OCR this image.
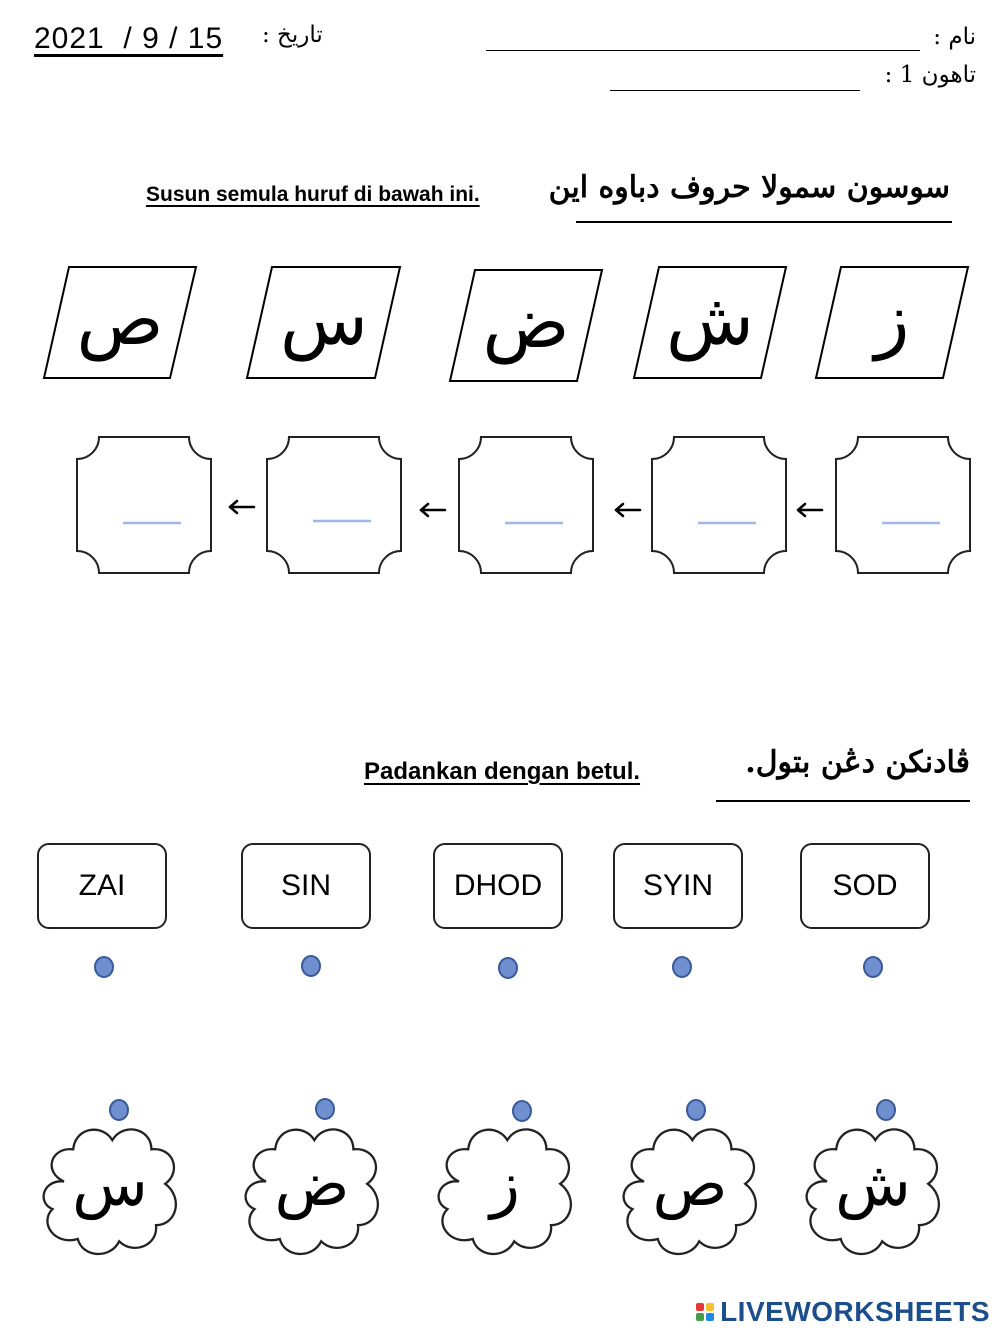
2021  / 9 / 15 تاريخ :	نام :
تاهون 1 :
Susun semula huruf di bawah ini. سوسون سمولا حروف دباوه اين
ص	س	ض	ش	ز
Padankan dengan betul.	ڤادنكن دڠن بتول.
ZAI	SIN	DHOD	SYIN	SOD
س	ض	ز	ص	ش
LIVEWORKSHEETS
